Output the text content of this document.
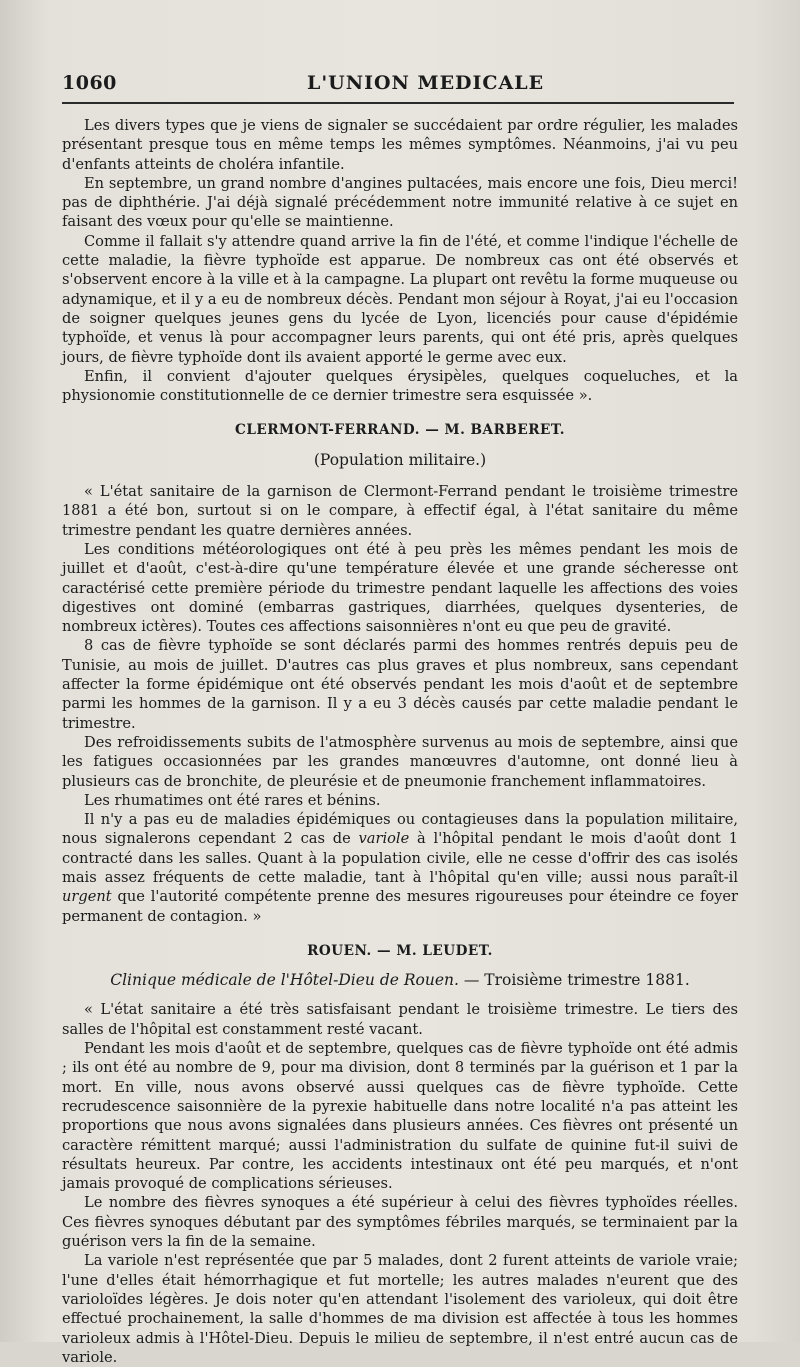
1060	L'UNION MEDICALE

Les divers types que je viens de signaler se succédaient par ordre régulier, les malades présentant presque tous en même temps les mêmes symptômes. Néanmoins, j'ai vu peu d'enfants atteints de choléra infantile.

En septembre, un grand nombre d'angines pultacées, mais encore une fois, Dieu merci! pas de diphthérie. J'ai déjà signalé précédemment notre immunité relative à ce sujet en faisant des vœux pour qu'elle se maintienne.

Comme il fallait s'y attendre quand arrive la fin de l'été, et comme l'indique l'échelle de cette maladie, la fièvre typhoïde est apparue. De nombreux cas ont été observés et s'observent encore à la ville et à la campagne. La plupart ont revêtu la forme muqueuse ou adynamique, et il y a eu de nombreux décès. Pendant mon séjour à Royat, j'ai eu l'occasion de soigner quelques jeunes gens du lycée de Lyon, licenciés pour cause d'épidémie typhoïde, et venus là pour accompagner leurs parents, qui ont été pris, après quelques jours, de fièvre typhoïde dont ils avaient apporté le germe avec eux.

Enfin, il convient d'ajouter quelques érysipèles, quelques coqueluches, et la physionomie constitutionnelle de ce dernier trimestre sera esquissée ».

CLERMONT-FERRAND. — M. BARBERET.

(Population militaire.)

« L'état sanitaire de la garnison de Clermont-Ferrand pendant le troisième trimestre 1881 a été bon, surtout si on le compare, à effectif égal, à l'état sanitaire du même trimestre pendant les quatre dernières années.

Les conditions météorologiques ont été à peu près les mêmes pendant les mois de juillet et d'août, c'est-à-dire qu'une température élevée et une grande sécheresse ont caractérisé cette première période du trimestre pendant laquelle les affections des voies digestives ont dominé (embarras gastriques, diarrhées, quelques dysenteries, de nombreux ictères). Toutes ces affections saisonnières n'ont eu que peu de gravité.

8 cas de fièvre typhoïde se sont déclarés parmi des hommes rentrés depuis peu de Tunisie, au mois de juillet. D'autres cas plus graves et plus nombreux, sans cependant affecter la forme épidémique ont été observés pendant les mois d'août et de septembre parmi les hommes de la garnison. Il y a eu 3 décès causés par cette maladie pendant le trimestre.

Des refroidissements subits de l'atmosphère survenus au mois de septembre, ainsi que les fatigues occasionnées par les grandes manœuvres d'automne, ont donné lieu à plusieurs cas de bronchite, de pleurésie et de pneumonie franchement inflammatoires.

Les rhumatimes ont été rares et bénins.

Il n'y a pas eu de maladies épidémiques ou contagieuses dans la population militaire, nous signalerons cependant 2 cas de variole à l'hôpital pendant le mois d'août dont 1 contracté dans les salles. Quant à la population civile, elle ne cesse d'offrir des cas isolés mais assez fréquents de cette maladie, tant à l'hôpital qu'en ville; aussi nous paraît-il urgent que l'autorité compétente prenne des mesures rigoureuses pour éteindre ce foyer permanent de contagion. »

ROUEN. — M. LEUDET.

Clinique médicale de l'Hôtel-Dieu de Rouen. — Troisième trimestre 1881.

« L'état sanitaire a été très satisfaisant pendant le troisième trimestre. Le tiers des salles de l'hôpital est constamment resté vacant.

Pendant les mois d'août et de septembre, quelques cas de fièvre typhoïde ont été admis ; ils ont été au nombre de 9, pour ma division, dont 8 terminés par la guérison et 1 par la mort. En ville, nous avons observé aussi quelques cas de fièvre typhoïde. Cette recrudescence saisonnière de la pyrexie habituelle dans notre localité n'a pas atteint les proportions que nous avons signalées dans plusieurs années. Ces fièvres ont présenté un caractère rémittent marqué; aussi l'administration du sulfate de quinine fut-il suivi de résultats heureux. Par contre, les accidents intestinaux ont été peu marqués, et n'ont jamais provoqué de complications sérieuses.

Le nombre des fièvres synoques a été supérieur à celui des fièvres typhoïdes réelles. Ces fièvres synoques débutant par des symptômes fébriles marqués, se terminaient par la guérison vers la fin de la semaine.

La variole n'est représentée que par 5 malades, dont 2 furent atteints de variole vraie; l'une d'elles était hémorrhagique et fut mortelle; les autres malades n'eurent que des varioloïdes légères. Je dois noter qu'en attendant l'isolement des varioleux, qui doit être effectué prochainement, la salle d'hommes de ma division est affectée à tous les hommes varioleux admis à l'Hôtel-Dieu. Depuis le milieu de septembre, il n'est entré aucun cas de variole.
